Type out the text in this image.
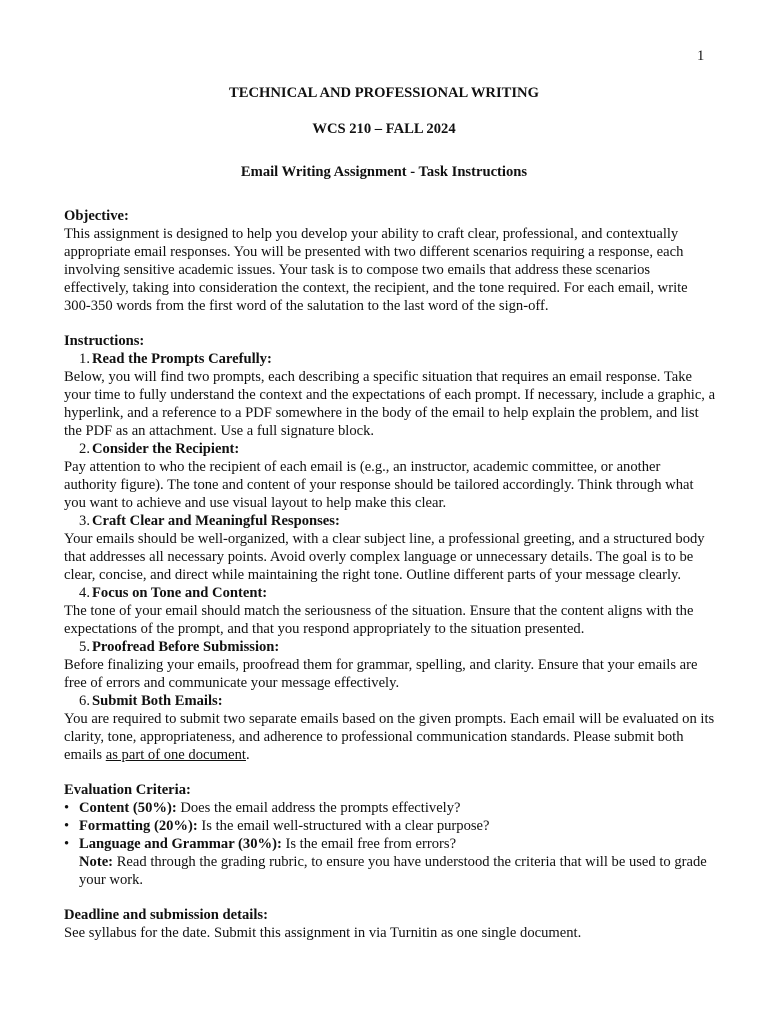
1
TECHNICAL AND PROFESSIONAL WRITING
WCS 210 – FALL 2024
Email Writing Assignment - Task Instructions
Objective:
This assignment is designed to help you develop your ability to craft clear, professional, and contextually appropriate email responses. You will be presented with two different scenarios requiring a response, each involving sensitive academic issues. Your task is to compose two emails that address these scenarios effectively, taking into consideration the context, the recipient, and the tone required. For each email, write 300-350 words from the first word of the salutation to the last word of the sign-off.
Instructions:
1. Read the Prompts Carefully:
Below, you will find two prompts, each describing a specific situation that requires an email response. Take your time to fully understand the context and the expectations of each prompt. If necessary, include a graphic, a hyperlink, and a reference to a PDF somewhere in the body of the email to help explain the problem, and list the PDF as an attachment. Use a full signature block.
2. Consider the Recipient:
Pay attention to who the recipient of each email is (e.g., an instructor, academic committee, or another authority figure). The tone and content of your response should be tailored accordingly. Think through what you want to achieve and use visual layout to help make this clear.
3. Craft Clear and Meaningful Responses:
Your emails should be well-organized, with a clear subject line, a professional greeting, and a structured body that addresses all necessary points. Avoid overly complex language or unnecessary details. The goal is to be clear, concise, and direct while maintaining the right tone. Outline different parts of your message clearly.
4. Focus on Tone and Content:
The tone of your email should match the seriousness of the situation. Ensure that the content aligns with the expectations of the prompt, and that you respond appropriately to the situation presented.
5. Proofread Before Submission:
Before finalizing your emails, proofread them for grammar, spelling, and clarity. Ensure that your emails are free of errors and communicate your message effectively.
6. Submit Both Emails:
You are required to submit two separate emails based on the given prompts. Each email will be evaluated on its clarity, tone, appropriateness, and adherence to professional communication standards. Please submit both emails as part of one document.
Evaluation Criteria:
• Content (50%): Does the email address the prompts effectively?
• Formatting (20%): Is the email well-structured with a clear purpose?
• Language and Grammar (30%): Is the email free from errors?
Note: Read through the grading rubric, to ensure you have understood the criteria that will be used to grade your work.
Deadline and submission details:
See syllabus for the date. Submit this assignment in via Turnitin as one single document.
